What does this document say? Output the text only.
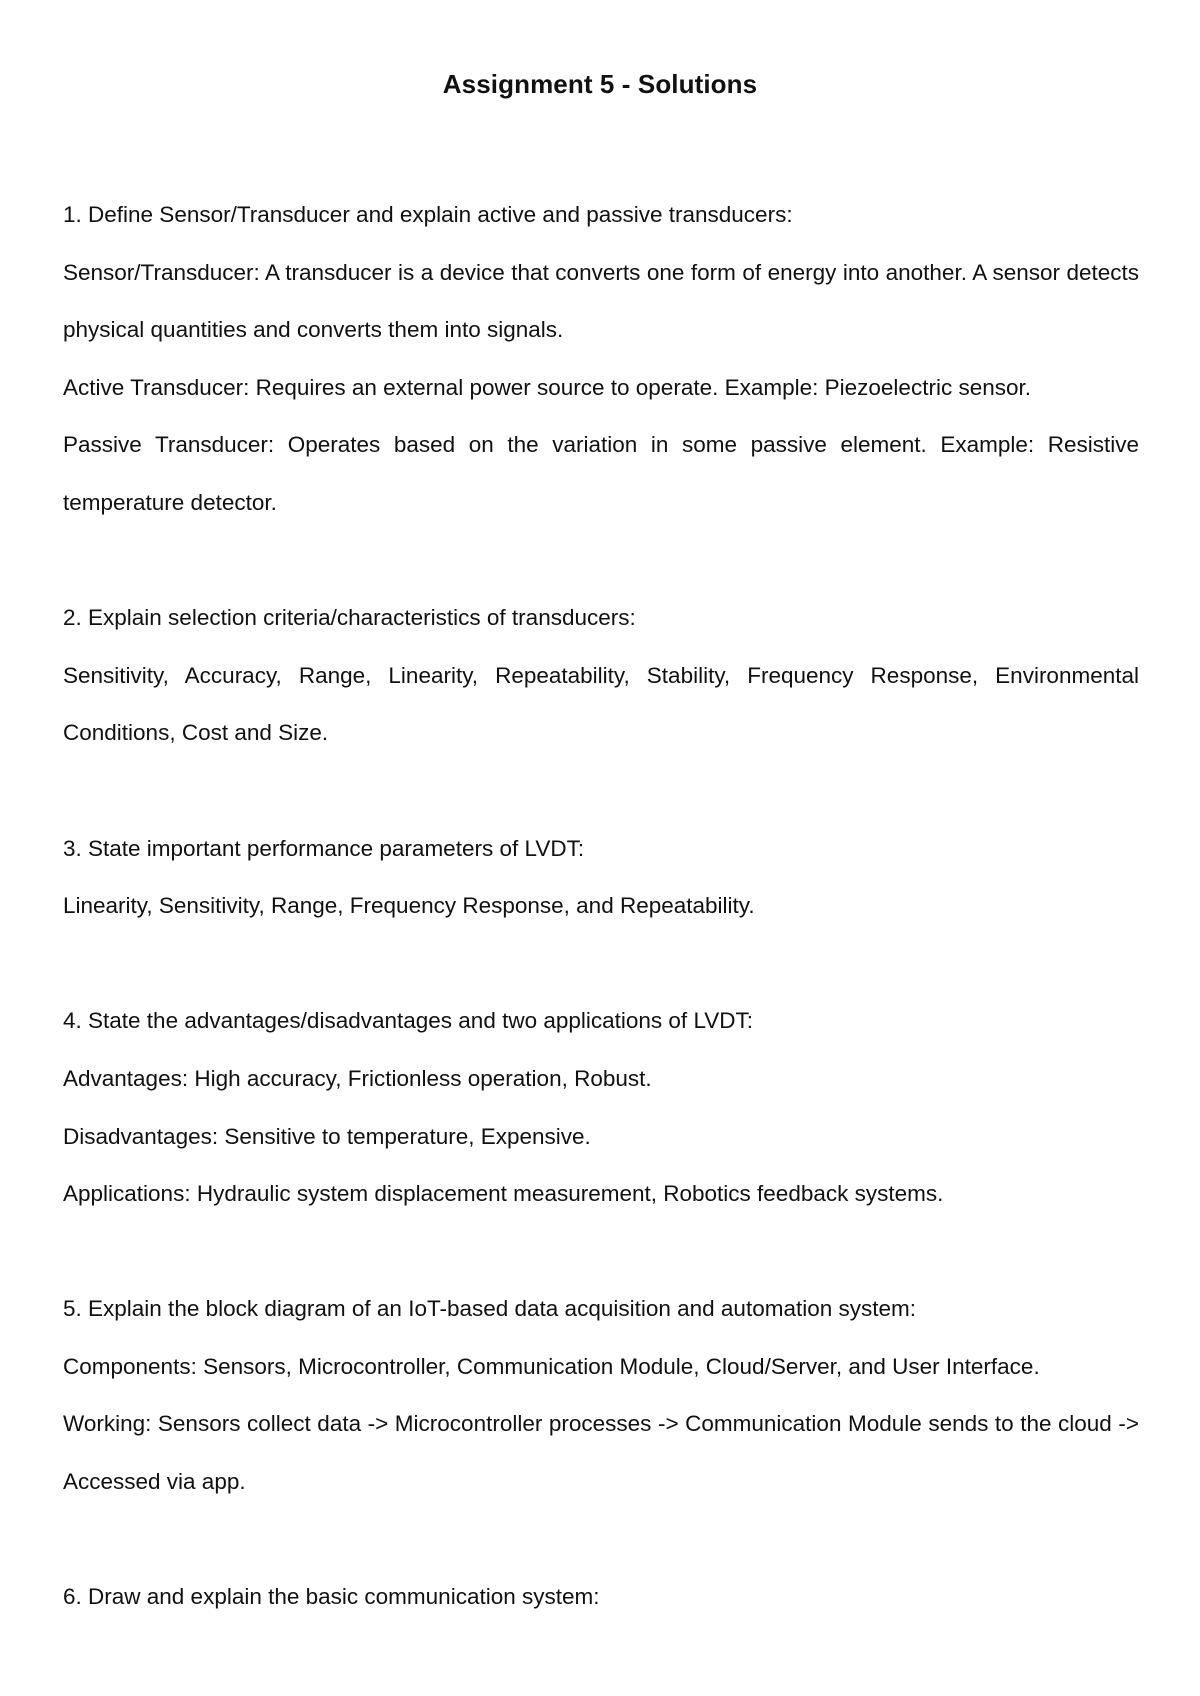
Assignment 5 - Solutions

1. Define Sensor/Transducer and explain active and passive transducers:

Sensor/Transducer: A transducer is a device that converts one form of energy into another. A sensor detects physical quantities and converts them into signals.

Active Transducer: Requires an external power source to operate. Example: Piezoelectric sensor.

Passive Transducer: Operates based on the variation in some passive element. Example: Resistive temperature detector.

2. Explain selection criteria/characteristics of transducers:

Sensitivity, Accuracy, Range, Linearity, Repeatability, Stability, Frequency Response, Environmental Conditions, Cost and Size.

3. State important performance parameters of LVDT:

Linearity, Sensitivity, Range, Frequency Response, and Repeatability.

4. State the advantages/disadvantages and two applications of LVDT:

Advantages: High accuracy, Frictionless operation, Robust.

Disadvantages: Sensitive to temperature, Expensive.

Applications: Hydraulic system displacement measurement, Robotics feedback systems.

5. Explain the block diagram of an IoT-based data acquisition and automation system:

Components: Sensors, Microcontroller, Communication Module, Cloud/Server, and User Interface.

Working: Sensors collect data -> Microcontroller processes -> Communication Module sends to the cloud -> Accessed via app.

6. Draw and explain the basic communication system:
